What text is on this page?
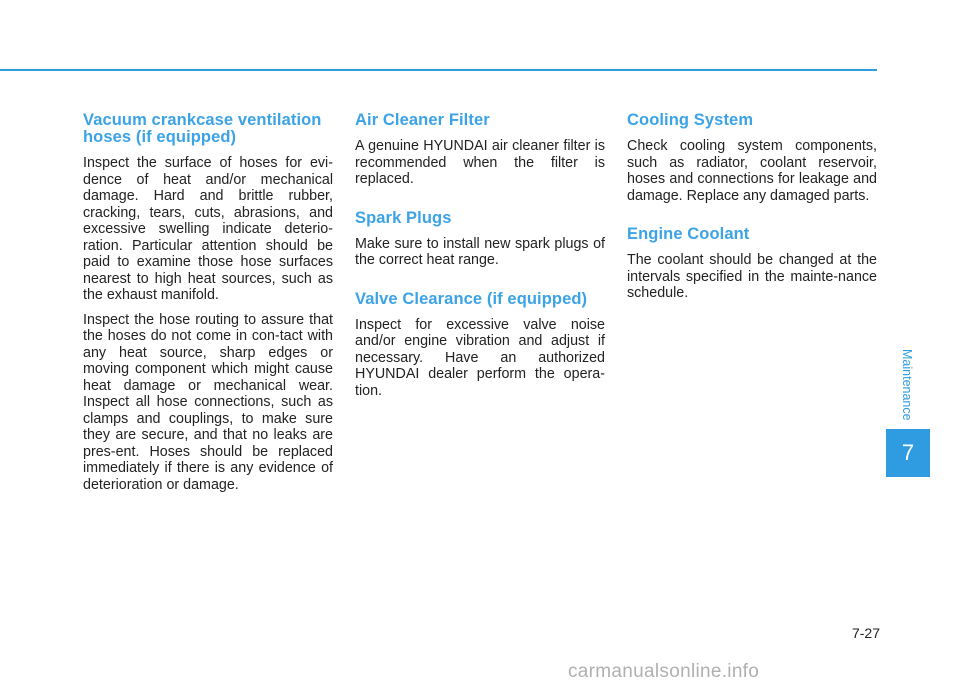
Vacuum crankcase ventilation hoses (if equipped)

Inspect the surface of hoses for evi-dence of heat and/or mechanical damage. Hard and brittle rubber, cracking, tears, cuts, abrasions, and excessive swelling indicate deterio-ration. Particular attention should be paid to examine those hose surfaces nearest to high heat sources, such as the exhaust manifold.

Inspect the hose routing to assure that the hoses do not come in con-tact with any heat source, sharp edges or moving component which might cause heat damage or mechanical wear. Inspect all hose connections, such as clamps and couplings, to make sure they are secure, and that no leaks are pres-ent. Hoses should be replaced immediately if there is any evidence of deterioration or damage.

Air Cleaner Filter

A genuine HYUNDAI air cleaner filter is recommended when the filter is replaced.

Spark Plugs

Make sure to install new spark plugs of the correct heat range.

Valve Clearance (if equipped)

Inspect for excessive valve noise and/or engine vibration and adjust if necessary. Have an authorized HYUNDAI dealer perform the opera-tion.

Cooling System

Check cooling system components, such as radiator, coolant reservoir, hoses and connections for leakage and damage. Replace any damaged parts.

Engine Coolant

The coolant should be changed at the intervals specified in the mainte-nance schedule.

Maintenance
7
7-27
carmanualsonline.info
